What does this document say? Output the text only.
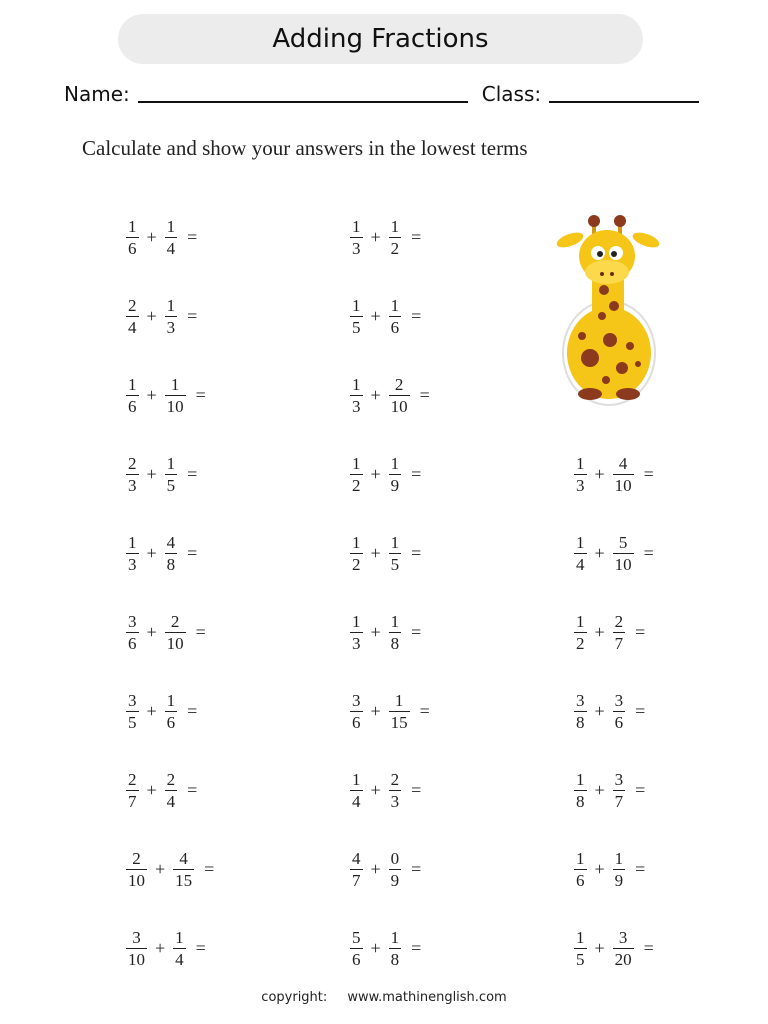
Adding Fractions
Name:	Class:
Calculate and show your answers in the lowest terms
$\frac{1}{6} + \frac{1}{4}$ =	$\frac{1}{3} + \frac{1}{2}$ =
$\frac{2}{4} + \frac{1}{3}$ =	$\frac{1}{5} + \frac{1}{6}$ =
$\frac{1}{6} + \frac{1}{10}$ =	$\frac{1}{3} + \frac{2}{10}$ =
$\frac{2}{3} + \frac{1}{5}$ =	$\frac{1}{2} + \frac{1}{9}$ =	$\frac{1}{3} + \frac{4}{10}$ =
$\frac{1}{3} + \frac{4}{8}$ =	$\frac{1}{2} + \frac{1}{5}$ =	$\frac{1}{4} + \frac{5}{10}$ =
$\frac{3}{6} + \frac{2}{10}$ =	$\frac{1}{3} + \frac{1}{8}$ =	$\frac{1}{2} + \frac{2}{7}$ =
$\frac{3}{5} + \frac{1}{6}$ =	$\frac{3}{6} + \frac{1}{15}$ =	$\frac{3}{8} + \frac{3}{6}$ =
$\frac{2}{7} + \frac{2}{4}$ =	$\frac{1}{4} + \frac{2}{3}$ =	$\frac{1}{8} + \frac{3}{7}$ =
$\frac{2}{10} + \frac{4}{15}$ =	$\frac{4}{7} + \frac{0}{9}$ =	$\frac{1}{6} + \frac{1}{9}$ =
$\frac{3}{10} + \frac{1}{4}$ =	$\frac{5}{6} + \frac{1}{8}$ =	$\frac{1}{5} + \frac{3}{20}$ =
copyright: www.mathinenglish.com
